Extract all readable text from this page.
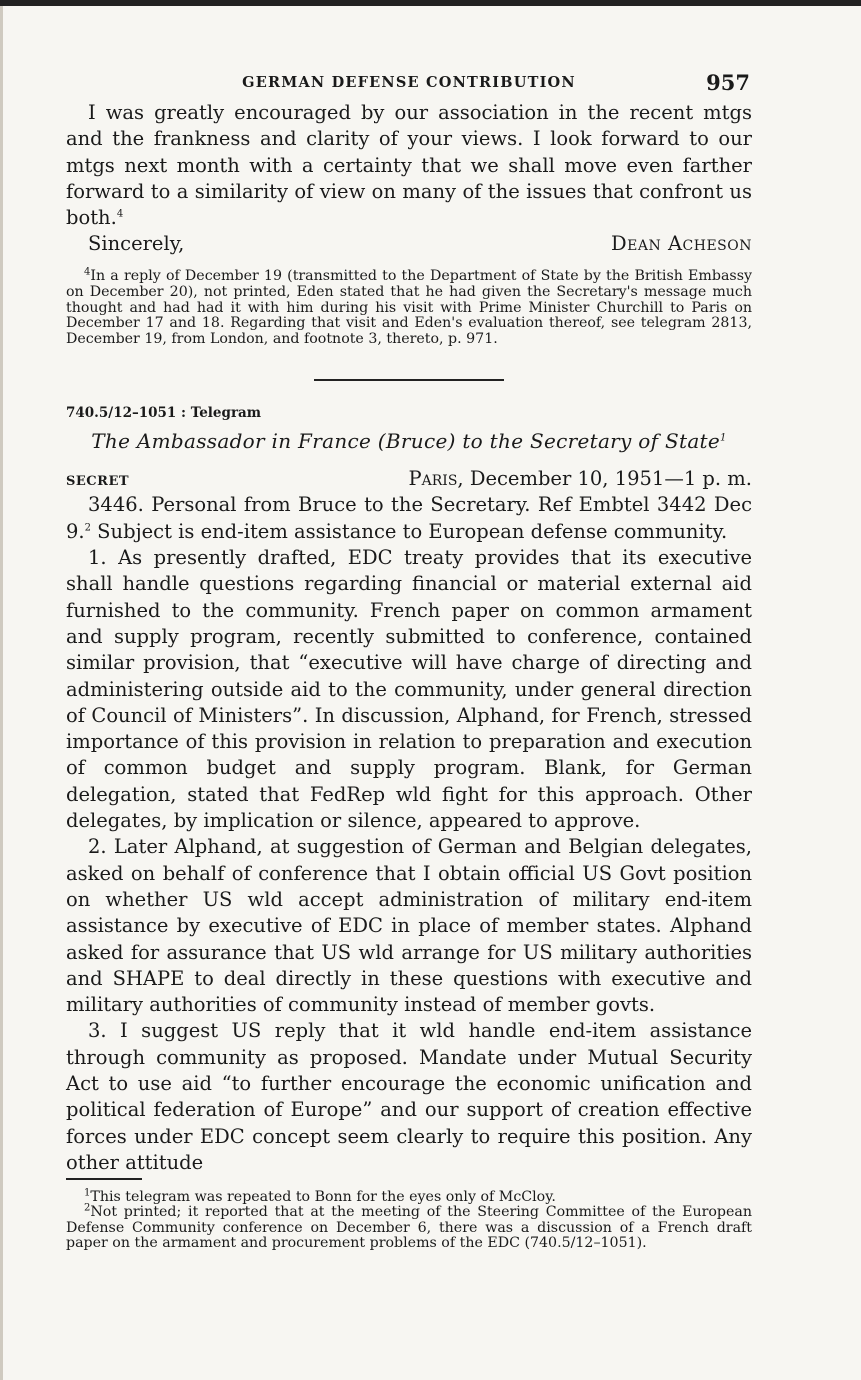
GERMAN DEFENSE CONTRIBUTION	957

I was greatly encouraged by our association in the recent mtgs and the frankness and clarity of your views. I look forward to our mtgs next month with a certainty that we shall move even farther forward to a similarity of view on many of the issues that confront us both.$^4$

Sincerely,	Dean Acheson

$^4$In a reply of December 19 (transmitted to the Department of State by the British Embassy on December 20), not printed, Eden stated that he had given the Secretary's message much thought and had had it with him during his visit with Prime Minister Churchill to Paris on December 17 and 18. Regarding that visit and Eden's evaluation thereof, see telegram 2813, December 19, from London, and footnote 3, thereto, p. 971.

740.5/12–1051 : Telegram

The Ambassador in France (Bruce) to the Secretary of State$^1$
SECRET	Paris, December 10, 1951—1 p. m.

3446. Personal from Bruce to the Secretary. Ref Embtel 3442 Dec 9.$^2$ Subject is end-item assistance to European defense community.

1. As presently drafted, EDC treaty provides that its executive shall handle questions regarding financial or material external aid furnished to the community. French paper on common armament and supply program, recently submitted to conference, contained similar provision, that “executive will have charge of directing and administering outside aid to the community, under general direction of Council of Ministers”. In discussion, Alphand, for French, stressed importance of this provision in relation to preparation and execution of common budget and supply program. Blank, for German delegation, stated that FedRep wld fight for this approach. Other delegates, by implication or silence, appeared to approve.

2. Later Alphand, at suggestion of German and Belgian delegates, asked on behalf of conference that I obtain official US Govt position on whether US wld accept administration of military end-item assistance by executive of EDC in place of member states. Alphand asked for assurance that US wld arrange for US military authorities and SHAPE to deal directly in these questions with executive and military authorities of community instead of member govts.

3. I suggest US reply that it wld handle end-item assistance through community as proposed. Mandate under Mutual Security Act to use aid “to further encourage the economic unification and political federation of Europe” and our support of creation effective forces under EDC concept seem clearly to require this position. Any other attitude

$^1$This telegram was repeated to Bonn for the eyes only of McCloy.

$^2$Not printed; it reported that at the meeting of the Steering Committee of the European Defense Community conference on December 6, there was a discussion of a French draft paper on the armament and procurement problems of the EDC (740.5/12–1051).
